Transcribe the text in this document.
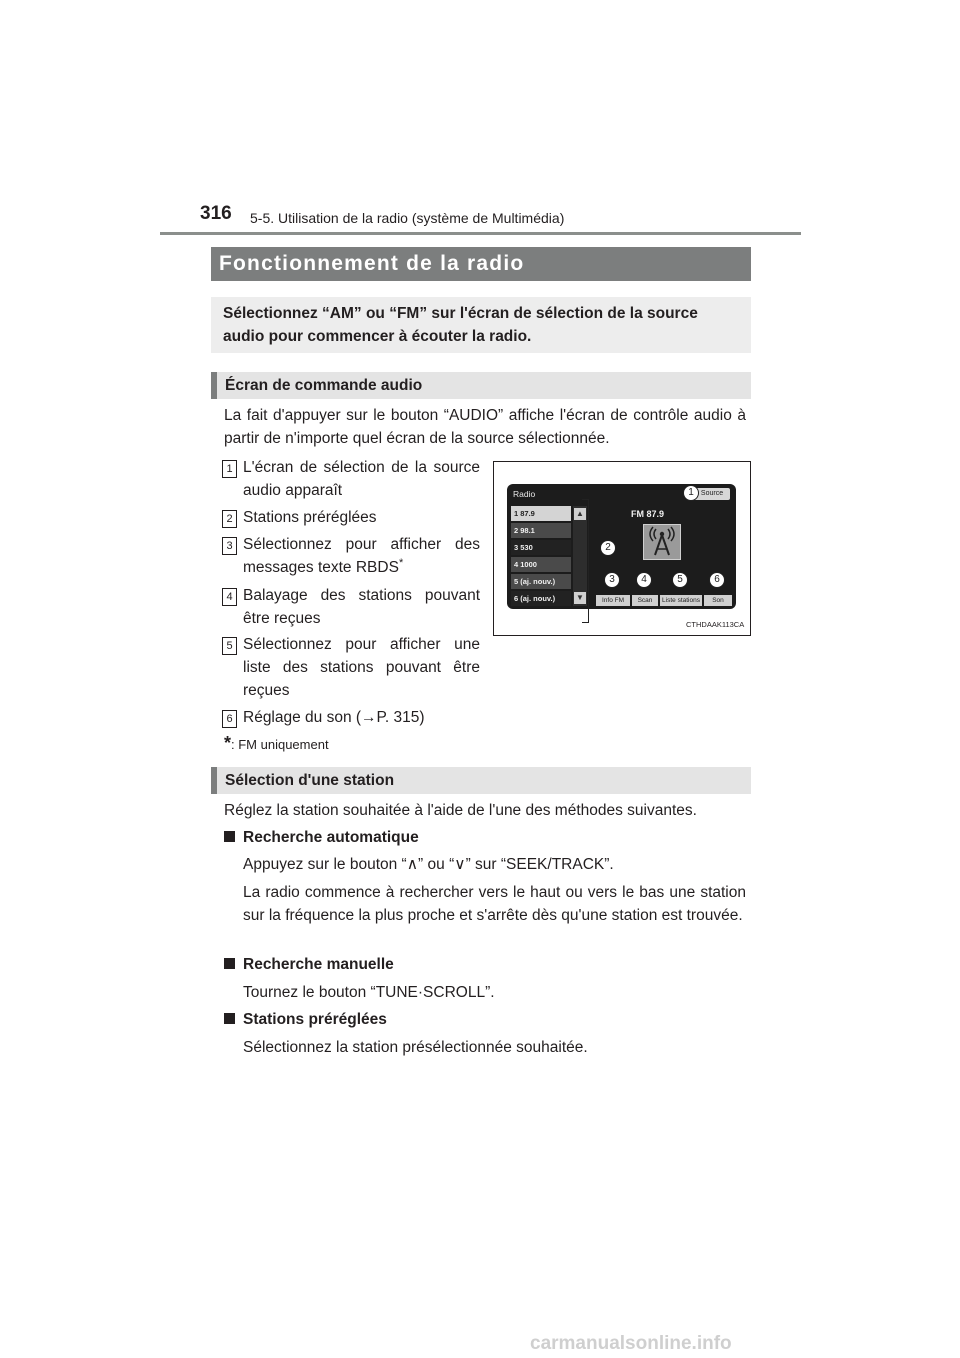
316 5-5. Utilisation de la radio (système de Multimédia)
Fonctionnement de la radio
Sélectionnez “AM” ou “FM” sur l'écran de sélection de la source audio pour commencer à écouter la radio.
Écran de commande audio
La fait d'appuyer sur le bouton “AUDIO” affiche l'écran de contrôle audio à partir de n'importe quel écran de la source sélectionnée.
1 L'écran de sélection de la source audio apparaît
2 Stations préréglées
3 Sélectionnez pour afficher des messages texte RBDS*
4 Balayage des stations pouvant être reçues
5 Sélectionnez pour afficher une liste des stations pouvant être reçues
6 Réglage du son (→P. 315)
*: FM uniquement
Radio	Source
1 87.9
2 98.1
3 530
4 1000
5 (aj. nouv.)
6 (aj. nouv.)
▲
▼
FM 87.9
Info FM	Scan	Liste stations	Son
1
2
3	4	5	6
CTHDAAK113CA
Sélection d'une station
Réglez la station souhaitée à l'aide de l'une des méthodes suivantes.
Recherche automatique
Appuyez sur le bouton “∧” ou “∨” sur “SEEK/TRACK”.
La radio commence à rechercher vers le haut ou vers le bas une station sur la fréquence la plus proche et s'arrête dès qu'une station est trouvée.
Recherche manuelle
Tournez le bouton “TUNE·SCROLL”.
Stations préréglées
Sélectionnez la station présélectionnée souhaitée.
carmanualsonline.info
